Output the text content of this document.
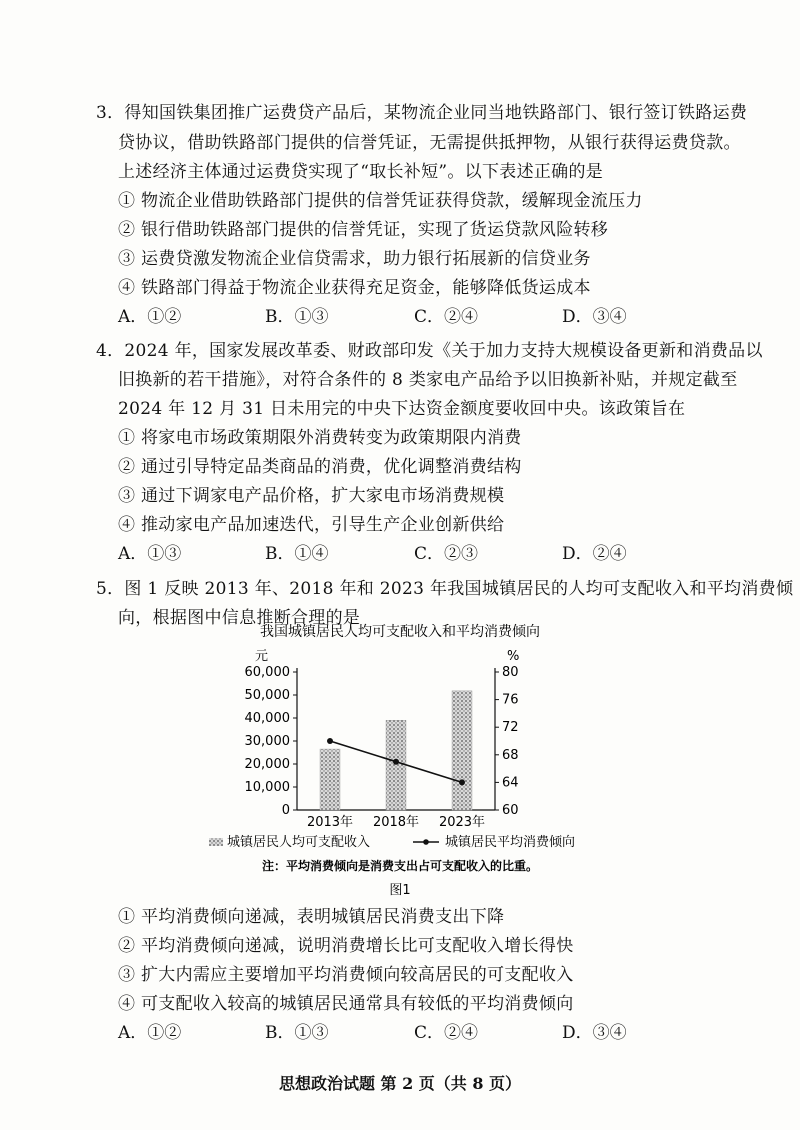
3．得知国铁集团推广运费贷产品后，某物流企业同当地铁路部门、银行签订铁路运费
贷协议，借助铁路部门提供的信誉凭证，无需提供抵押物，从银行获得运费贷款。
上述经济主体通过运费贷实现了“取长补短”。以下表述正确的是
① 物流企业借助铁路部门提供的信誉凭证获得贷款，缓解现金流压力
② 银行借助铁路部门提供的信誉凭证，实现了货运贷款风险转移
③ 运费贷激发物流企业信贷需求，助力银行拓展新的信贷业务
④ 铁路部门得益于物流企业获得充足资金，能够降低货运成本
A．①②	B．①③	C．②④	D．③④
4．2024 年，国家发展改革委、财政部印发《关于加力支持大规模设备更新和消费品以
旧换新的若干措施》，对符合条件的 8 类家电产品给予以旧换新补贴，并规定截至
2024 年 12 月 31 日未用完的中央下达资金额度要收回中央。该政策旨在
① 将家电市场政策期限外消费转变为政策期限内消费
② 通过引导特定品类商品的消费，优化调整消费结构
③ 通过下调家电产品价格，扩大家电市场消费规模
④ 推动家电产品加速迭代，引导生产企业创新供给
A．①③	B．①④	C．②③	D．②④
5．图 1 反映 2013 年、2018 年和 2023 年我国城镇居民的人均可支配收入和平均消费倾
向，根据图中信息推断合理的是
我国城镇居民人均可支配收入和平均消费倾向
元	%
0
10,000
20,000
30,000
40,000
50,000
60,000
60
64
68
72
76
80
2013年 2018年 2023年
城镇居民人均可支配收入	城镇居民平均消费倾向
注：平均消费倾向是消费支出占可支配收入的比重。
图1
① 平均消费倾向递减，表明城镇居民消费支出下降
② 平均消费倾向递减，说明消费增长比可支配收入增长得快
③ 扩大内需应主要增加平均消费倾向较高居民的可支配收入
④ 可支配收入较高的城镇居民通常具有较低的平均消费倾向
A．①②	B．①③	C．②④	D．③④
思想政治试题 第 2 页（共 8 页）
